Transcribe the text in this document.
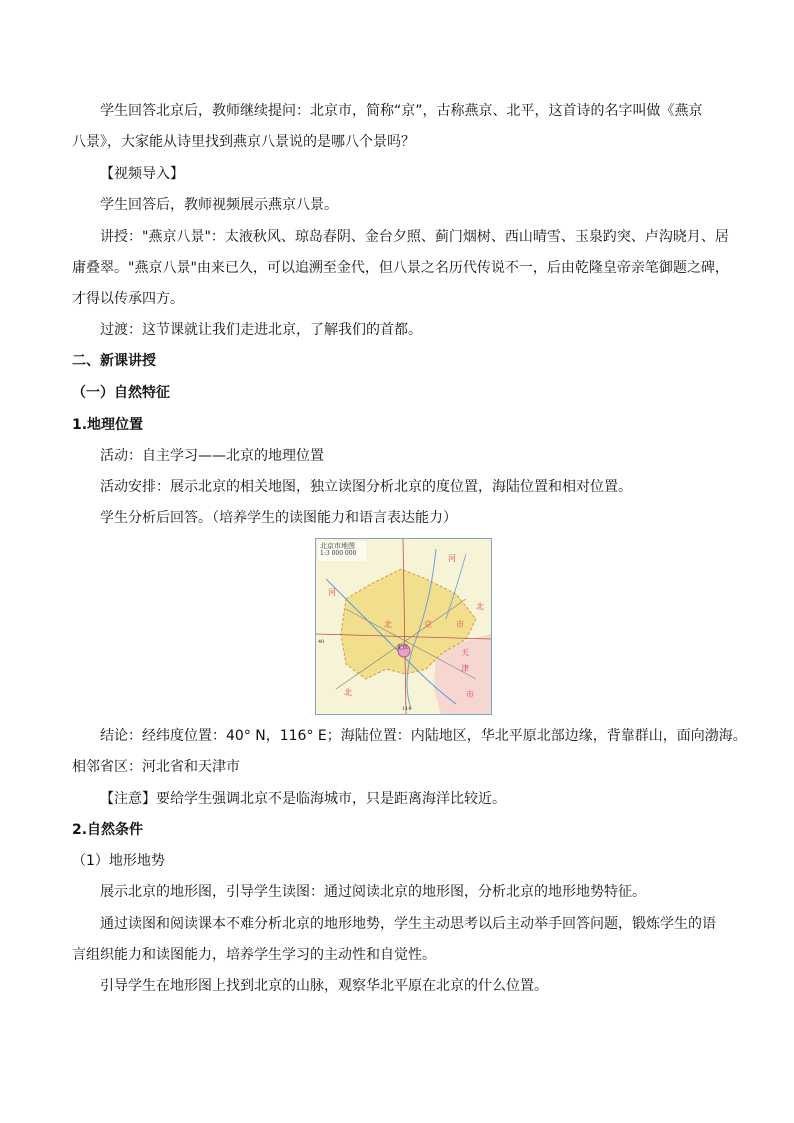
学生回答北京后，教师继续提问：北京市，简称“京”，古称燕京、北平，这首诗的名字叫做《燕京

八景》，大家能从诗里找到燕京八景说的是哪八个景吗？

【视频导入】

学生回答后，教师视频展示燕京八景。

讲授："燕京八景"：太液秋风、琼岛春阴、金台夕照、蓟门烟树、西山晴雪、玉泉趵突、卢沟晓月、居

庸叠翠。"燕京八景"由来已久，可以追溯至金代，但八景之名历代传说不一，后由乾隆皇帝亲笔御题之碑，

才得以传承四方。

过渡：这节课就让我们走进北京，了解我们的首都。

二、新课讲授

（一）自然特征

1.地理位置

活动：自主学习——北京的地理位置

活动安排：展示北京的相关地图，独立读图分析北京的度位置，海陆位置和相对位置。

学生分析后回答。（培养学生的读图能力和语言表达能力）

北京市地图
1:3 000 000
河
北
河
北	京	市
北京
天
津
市
北
40
116

结论：经纬度位置：40° N，116° E；海陆位置：内陆地区，华北平原北部边缘，背靠群山，面向渤海。

相邻省区：河北省和天津市

【注意】要给学生强调北京不是临海城市，只是距离海洋比较近。

2.自然条件

（1）地形地势

展示北京的地形图，引导学生读图：通过阅读北京的地形图，分析北京的地形地势特征。

通过读图和阅读课本不难分析北京的地形地势，学生主动思考以后主动举手回答问题，锻炼学生的语

言组织能力和读图能力，培养学生学习的主动性和自觉性。

引导学生在地形图上找到北京的山脉，观察华北平原在北京的什么位置。
